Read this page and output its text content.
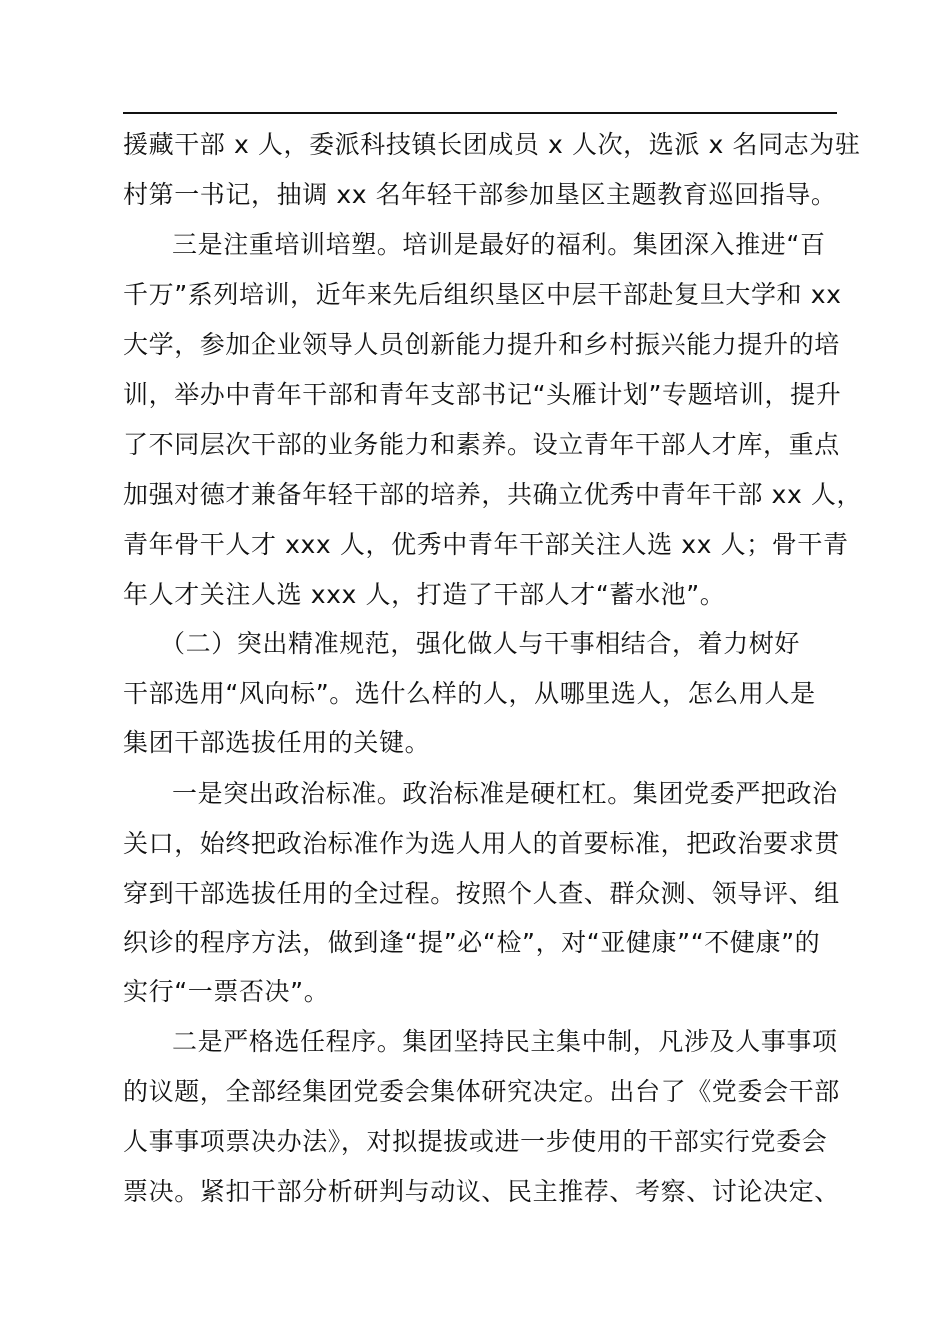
援藏干部 x 人，委派科技镇长团成员 x 人次，选派 x 名同志为驻
村第一书记，抽调 xx 名年轻干部参加垦区主题教育巡回指导。
三是注重培训培塑。培训是最好的福利。集团深入推进“百
千万”系列培训，近年来先后组织垦区中层干部赴复旦大学和 xx
大学，参加企业领导人员创新能力提升和乡村振兴能力提升的培
训，举办中青年干部和青年支部书记“头雁计划”专题培训，提升
了不同层次干部的业务能力和素养。设立青年干部人才库，重点
加强对德才兼备年轻干部的培养，共确立优秀中青年干部 xx 人，
青年骨干人才 xxx 人，优秀中青年干部关注人选 xx 人；骨干青
年人才关注人选 xxx 人，打造了干部人才“蓄水池”。
（二）突出精准规范，强化做人与干事相结合，着力树好
干部选用“风向标”。选什么样的人，从哪里选人，怎么用人是
集团干部选拔任用的关键。
一是突出政治标准。政治标准是硬杠杠。集团党委严把政治
关口，始终把政治标准作为选人用人的首要标准，把政治要求贯
穿到干部选拔任用的全过程。按照个人查、群众测、领导评、组
织诊的程序方法，做到逢“提”必“检”，对“亚健康”“不健康”的
实行“一票否决”。
二是严格选任程序。集团坚持民主集中制，凡涉及人事事项
的议题，全部经集团党委会集体研究决定。出台了《党委会干部
人事事项票决办法》，对拟提拔或进一步使用的干部实行党委会
票决。紧扣干部分析研判与动议、民主推荐、考察、讨论决定、
